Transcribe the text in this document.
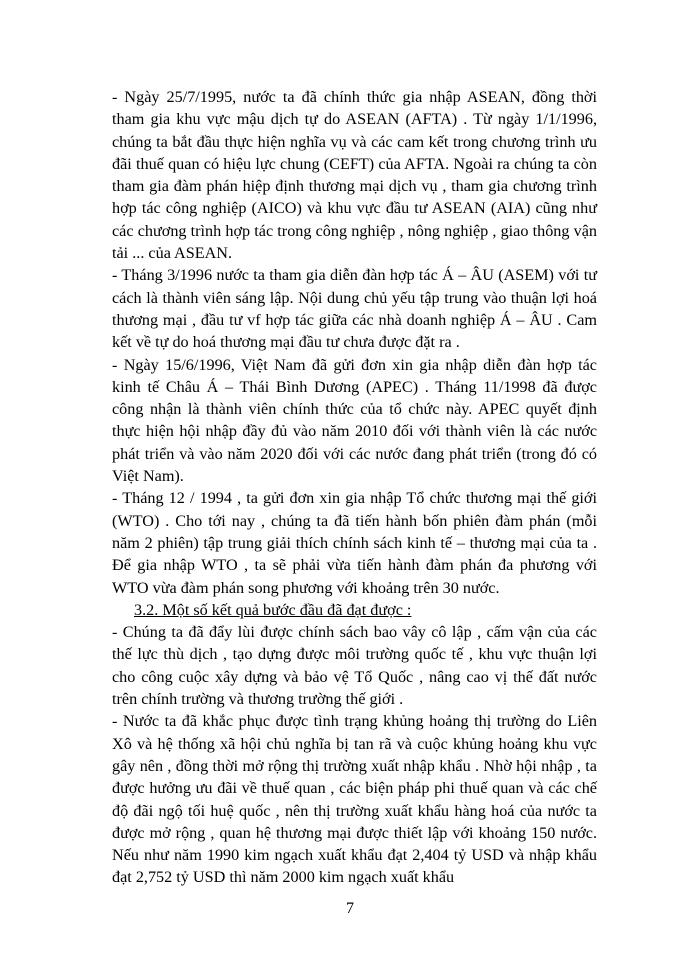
- Ngày 25/7/1995, nước ta đã chính thức gia nhập ASEAN, đồng thời tham gia khu vực mậu dịch tự do ASEAN (AFTA) . Từ ngày 1/1/1996, chúng ta bắt đầu thực hiện nghĩa vụ và các cam kết trong chương trình ưu đãi thuế quan có hiệu lực chung (CEFT) của AFTA. Ngoài ra chúng ta còn tham gia đàm phán hiệp định thương mại dịch vụ , tham gia chương trình hợp tác công nghiệp (AICO) và khu vực đầu tư ASEAN (AIA) cũng như các chương trình hợp tác trong công nghiệp , nông nghiệp , giao thông vận tải ... của ASEAN.

- Tháng 3/1996 nước ta tham gia diễn đàn hợp tác Á – ÂU (ASEM) với tư cách là thành viên sáng lập. Nội dung chủ yếu tập trung vào thuận lợi hoá thương mại , đầu tư vf hợp tác giữa các nhà doanh nghiệp Á – ÂU . Cam kết về tự do hoá thương mại đầu tư chưa được đặt ra .

- Ngày 15/6/1996, Việt Nam đã gửi đơn xin gia nhập diễn đàn hợp tác kinh tế Châu Á – Thái Bình Dương (APEC) . Tháng 11/1998 đã được công nhận là thành viên chính thức của tổ chức này. APEC quyết định thực hiện hội nhập đầy đủ vào năm 2010 đối với thành viên là các nước phát triển và vào năm 2020 đối với các nước đang phát triển (trong đó có Việt Nam).

- Tháng 12 / 1994 , ta gửi đơn xin gia nhập Tổ chức thương mại thế giới (WTO) . Cho tới nay , chúng ta đã tiến hành bốn phiên đàm phán (mỗi năm 2 phiên) tập trung giải thích chính sách kinh tế – thương mại của ta . Để gia nhập WTO , ta sẽ phải vừa tiến hành đàm phán đa phương với WTO vừa đàm phán song phương với khoảng trên 30 nước.

3.2. Một số kết quả bước đầu đã đạt được :

- Chúng ta đã đẩy lùi được chính sách bao vây cô lập , cấm vận của các thế lực thù dịch , tạo dựng được môi trường quốc tế , khu vực thuận lợi cho công cuộc xây dựng và bảo vệ Tổ Quốc , nâng cao vị thế đất nước trên chính trường và thương trường thế giới .

- Nước ta đã khắc phục được tình trạng khủng hoảng thị trường do Liên Xô và hệ thống xã hội chủ nghĩa bị tan rã và cuộc khủng hoảng khu vực gây nên , đồng thời mở rộng thị trường xuất nhập khẩu . Nhờ hội nhập , ta được hưởng ưu đãi về thuế quan , các biện pháp phi thuế quan và các chế độ đãi ngộ tối huệ quốc , nên thị trường xuất khẩu hàng hoá của nước ta được mở rộng , quan hệ thương mại được thiết lập với khoảng 150 nước. Nếu như năm 1990 kim ngạch xuất khẩu đạt 2,404 tỷ USD và nhập khẩu đạt 2,752 tỷ USD thì năm 2000 kim ngạch xuất khẩu

7
